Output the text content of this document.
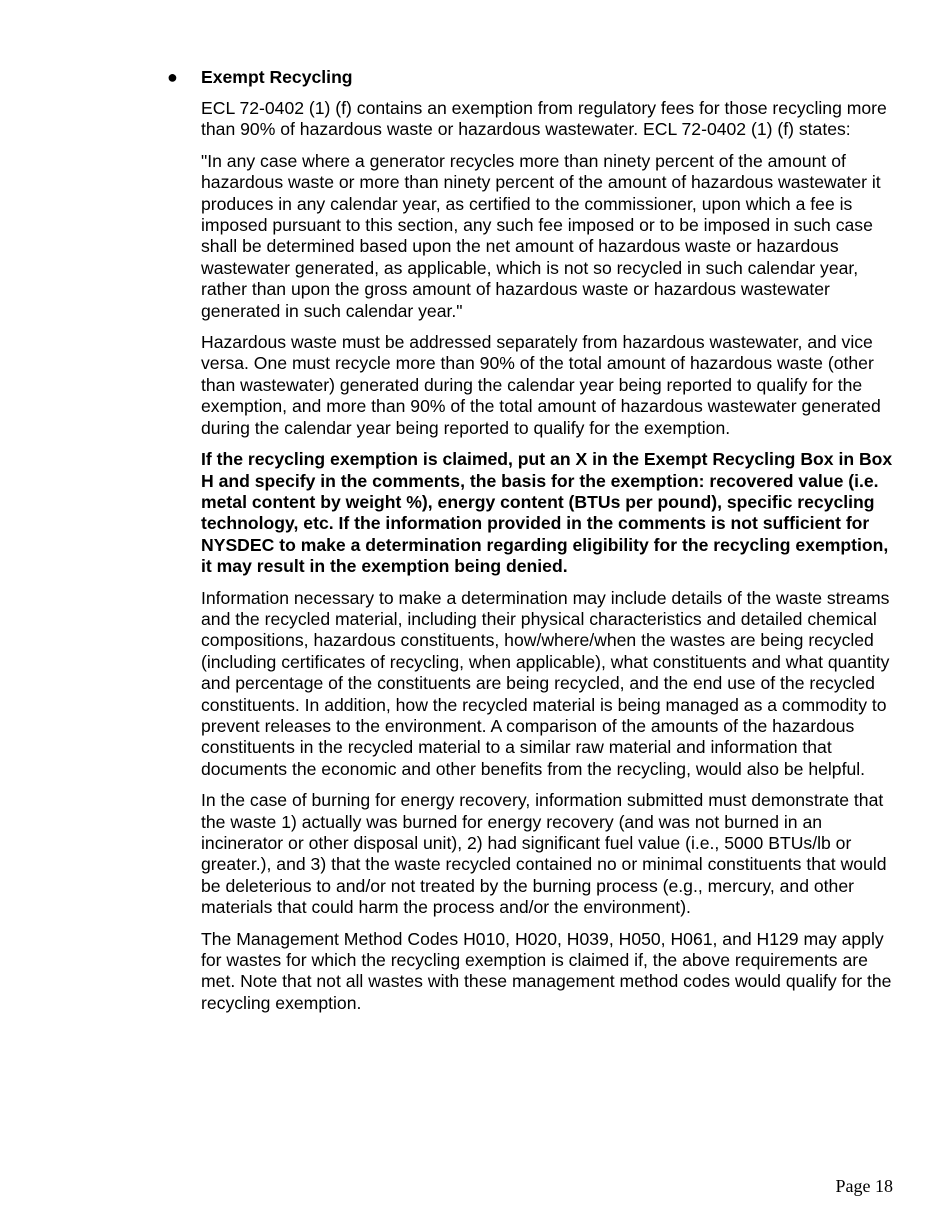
● Exempt Recycling

ECL 72-0402 (1) (f) contains an exemption from regulatory fees for those recycling more than 90% of hazardous waste or hazardous wastewater. ECL 72-0402 (1) (f) states:

"In any case where a generator recycles more than ninety percent of the amount of hazardous waste or more than ninety percent of the amount of hazardous wastewater it produces in any calendar year, as certified to the commissioner, upon which a fee is imposed pursuant to this section, any such fee imposed or to be imposed in such case shall be determined based upon the net amount of hazardous waste or hazardous wastewater generated, as applicable, which is not so recycled in such calendar year, rather than upon the gross amount of hazardous waste or hazardous wastewater generated in such calendar year."

Hazardous waste must be addressed separately from hazardous wastewater, and vice versa. One must recycle more than 90% of the total amount of hazardous waste (other than wastewater) generated during the calendar year being reported to qualify for the exemption, and more than 90% of the total amount of hazardous wastewater generated during the calendar year being reported to qualify for the exemption.

If the recycling exemption is claimed, put an X in the Exempt Recycling Box in Box H and specify in the comments, the basis for the exemption: recovered value (i.e. metal content by weight %), energy content (BTUs per pound), specific recycling technology, etc. If the information provided in the comments is not sufficient for NYSDEC to make a determination regarding eligibility for the recycling exemption, it may result in the exemption being denied.

Information necessary to make a determination may include details of the waste streams and the recycled material, including their physical characteristics and detailed chemical compositions, hazardous constituents, how/where/when the wastes are being recycled (including certificates of recycling, when applicable), what constituents and what quantity and percentage of the constituents are being recycled, and the end use of the recycled constituents. In addition, how the recycled material is being managed as a commodity to prevent releases to the environment. A comparison of the amounts of the hazardous constituents in the recycled material to a similar raw material and information that documents the economic and other benefits from the recycling, would also be helpful.

In the case of burning for energy recovery, information submitted must demonstrate that the waste 1) actually was burned for energy recovery (and was not burned in an incinerator or other disposal unit), 2) had significant fuel value (i.e., 5000 BTUs/lb or greater.), and 3) that the waste recycled contained no or minimal constituents that would be deleterious to and/or not treated by the burning process (e.g., mercury, and other materials that could harm the process and/or the environment).

The Management Method Codes H010, H020, H039, H050, H061, and H129 may apply for wastes for which the recycling exemption is claimed if, the above requirements are met. Note that not all wastes with these management method codes would qualify for the recycling exemption.

Page 18
